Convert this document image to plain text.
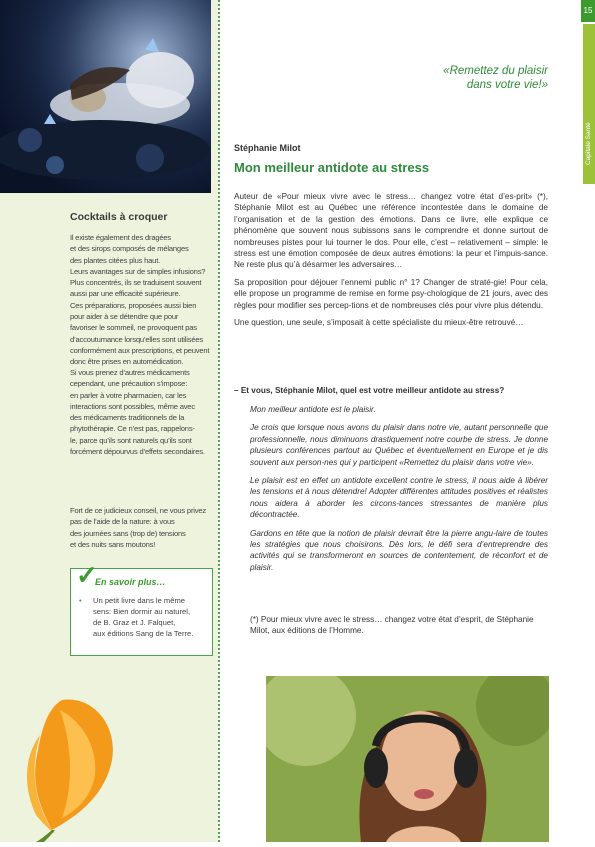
Cocktails à croquer

Il existe également des dragées
et des sirops composés de mélanges
des plantes citées plus haut.
Leurs avantages sur de simples infusions?
Plus concentrés, ils se traduisent souvent
aussi par une efficacité supérieure.
Ces préparations, proposées aussi bien
pour aider à se détendre que pour
favoriser le sommeil, ne provoquent pas
d’accoutumance lorsqu’elles sont utilisées
conformément aux prescriptions, et peuvent
donc être prises en automédication.

Si vous prenez d’autres médicaments
cependant, une précaution s’impose:
en parler à votre pharmacien, car les
interactions sont possibles, même avec
des médicaments traditionnels de la
phytothérapie. Ce n’est pas, rappelons-
le, parce qu’ils sont naturels qu’ils sont
forcément dépourvus d’effets secondaires.

Fort de ce judicieux conseil, ne vous privez
pas de l’aide de la nature: à vous
des journées sans (trop de) tensions
et des nuits sans moutons!

✓
En savoir plus…
•	Un petit livre dans le même
sens: Bien dormir au naturel,
de B. Graz et J. Falquet,
aux éditions Sang de la Terre.
15
Capitale Santé
«Remettez du plaisir
dans votre vie!»
Stéphanie Milot
Mon meilleur antidote au stress

Auteur de «Pour mieux vivre avec le stress… changez votre état d’es-prit» (*), Stéphanie Milot est au Québec une référence incontestée dans le domaine de l’organisation et de la gestion des émotions. Dans ce livre, elle explique ce phénomène que souvent nous subissons sans le comprendre et donne surtout de nombreuses pistes pour lui tourner le dos. Pour elle, c’est – relativement – simple: le stress est une émotion composée de deux autres émotions: la peur et l’impuis-sance. Ne reste plus qu’à désarmer les adversaires…

Sa proposition pour déjouer l’ennemi public n° 1? Changer de straté-gie! Pour cela, elle propose un programme de remise en forme psy-chologique de 21 jours, avec des règles pour modifier ses percep-tions et de nombreuses clés pour vivre plus détendu.

Une question, une seule, s’imposait à cette spécialiste du mieux-être retrouvé…

– Et vous, Stéphanie Milot, quel est votre meilleur antidote au stress?

Mon meilleur antidote est le plaisir.

Je crois que lorsque nous avons du plaisir dans notre vie, autant personnelle que professionnelle, nous diminuons drastiquement notre courbe de stress. Je donne plusieurs conférences partout au Québec et éventuellement en Europe et je dis souvent aux person-nes qui y participent «Remettez du plaisir dans votre vie».

Le plaisir est en effet un antidote excellent contre le stress, il nous aide à libérer les tensions et à nous détendre! Adopter différentes attitudes positives et réalistes nous aidera à aborder les circons-tances stressantes de manière plus décontractée.

Gardons en tête que la notion de plaisir devrait être la pierre angu-laire de toutes les stratégies que nous choisirons. Dès lors, le défi sera d’entreprendre des activités qui se transformeront en sources de contentement, de réconfort et de plaisir.

(*) Pour mieux vivre avec le stress… changez votre état d’esprit, de Stéphanie Milot, aux éditions de l’Homme.
